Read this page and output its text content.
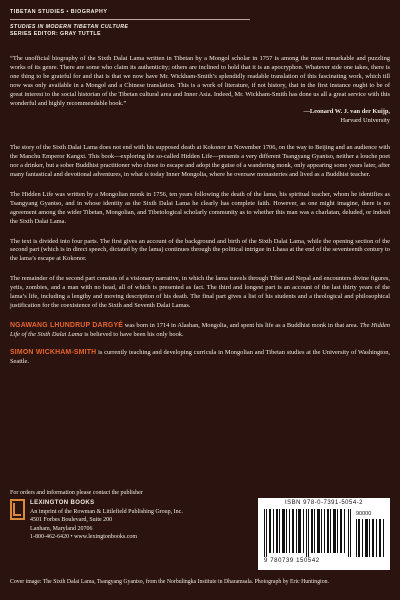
TIBETAN STUDIES • BIOGRAPHY
STUDIES IN MODERN TIBETAN CULTURE
SERIES EDITOR: GRAY TUTTLE

“The unofficial biography of the Sixth Dalai Lama written in Tibetan by a Mongol scholar in 1757 is among the most remarkable and puzzling works of its genre. There are some who claim its authenticity; others are inclined to hold that it is an apocryphon. Whatever side one takes, there is one thing to be grateful for and that is that we now have Mr. Wickham-Smith’s splendidly readable translation of this fascinating work, which till now was only available in a Mongol and a Chinese translation. This is a work of literature, if not history, that in the first instance ought to be of great interest to the social historian of the Tibetan cultural area and Inner Asia. Indeed, Mr. Wickham-Smith has done us all a great service with this wonderful and highly recommendable book.”
—Leonard W. J. van der Kuijp,
Harvard University

The story of the Sixth Dalai Lama does not end with his supposed death at Kokonor in November 1706, on the way to Beijing and an audience with the Manchu Emperor Kangxi. This book—exploring the so-called Hidden Life—presents a very different Tsangyang Gyantso, neither a louche poet nor a drinker, but a sober Buddhist practitioner who chose to escape and adopt the guise of a wandering monk, only appearing some years later, after many fantastical and devotional adventures, in what is today Inner Mongolia, where he oversaw monasteries and lived as a Buddhist teacher.

The Hidden Life was written by a Mongolian monk in 1756, ten years following the death of the lama, his spiritual teacher, whom he identifies as Tsangyang Gyantso, and in whose identity as the Sixth Dalai Lama he clearly has complete faith. However, as one might imagine, there is no agreement among the wider Tibetan, Mongolian, and Tibetological scholarly community as to whether this man was a charlatan, deluded, or indeed the Sixth Dalai Lama.

The text is divided into four parts. The first gives an account of the background and birth of the Sixth Dalai Lama, while the opening section of the second part (which is in direct speech, dictated by the lama) continues through the political intrigue in Lhasa at the end of the seventeenth century to the lama’s escape at Kokonor.

The remainder of the second part consists of a visionary narrative, in which the lama travels through Tibet and Nepal and encounters divine figures, yetis, zombies, and a man with no head, all of which is presented as fact. The third and longest part is an account of the last thirty years of the lama’s life, including a lengthy and moving description of his death. The final part gives a list of his students and a theological and philosophical justification for the coexistence of the Sixth and Seventh Dalai Lamas.

NGAWANG LHUNDRUP DARGYÉ was born in 1714 in Alashan, Mongolia, and spent his life as a Buddhist monk in that area. The Hidden Life of the Sixth Dalai Lama is believed to have been his only book.

SIMON WICKHAM-SMITH is currently teaching and developing curricula in Mongolian and Tibetan studies at the University of Washington, Seattle.

For orders and information please contact the publisher
LEXINGTON BOOKS
An imprint of the Rowman & Littlefield Publishing Group, Inc.
4501 Forbes Boulevard, Suite 200
Lanham, Maryland 20706
1-800-462-6420 • www.lexingtonbooks.com
ISBN 978-0-7391-5054-2
9 780739 150542
90000
Cover image: The Sixth Dalai Lama, Tsangyang Gyantso, from the Norbulingka Institute in Dharamsala. Photograph by Eric Huntington.
